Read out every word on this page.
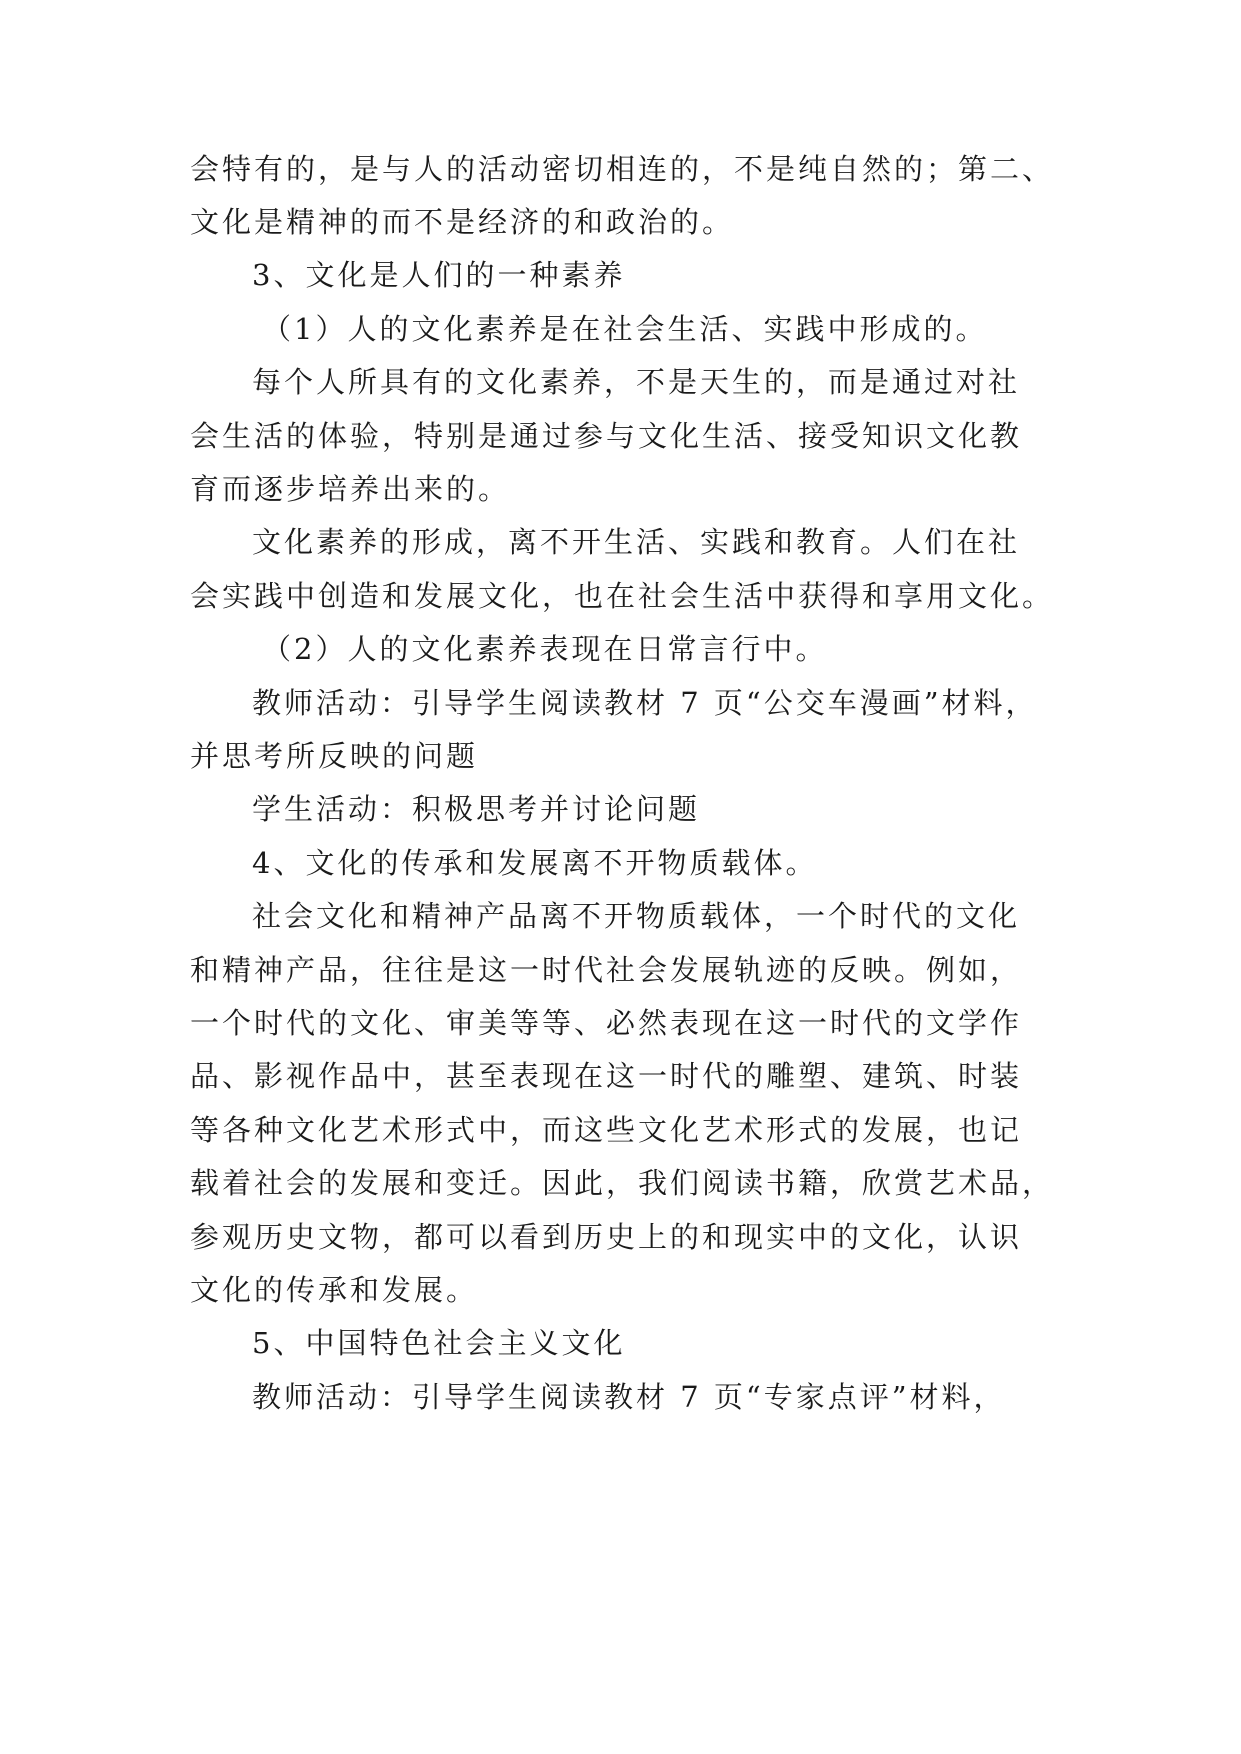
会特有的，是与人的活动密切相连的，不是纯自然的；第二、
文化是精神的而不是经济的和政治的。
3、文化是人们的一种素养
（1）人的文化素养是在社会生活、实践中形成的。
每个人所具有的文化素养，不是天生的，而是通过对社
会生活的体验，特别是通过参与文化生活、接受知识文化教
育而逐步培养出来的。
文化素养的形成，离不开生活、实践和教育。人们在社
会实践中创造和发展文化，也在社会生活中获得和享用文化。
（2）人的文化素养表现在日常言行中。
教师活动：引导学生阅读教材 7 页“公交车漫画”材料，
并思考所反映的问题
学生活动：积极思考并讨论问题
4、文化的传承和发展离不开物质载体。
社会文化和精神产品离不开物质载体，一个时代的文化
和精神产品，往往是这一时代社会发展轨迹的反映。例如，
一个时代的文化、审美等等、必然表现在这一时代的文学作
品、影视作品中，甚至表现在这一时代的雕塑、建筑、时装
等各种文化艺术形式中，而这些文化艺术形式的发展，也记
载着社会的发展和变迁。因此，我们阅读书籍，欣赏艺术品，
参观历史文物，都可以看到历史上的和现实中的文化，认识
文化的传承和发展。
5、中国特色社会主义文化
教师活动：引导学生阅读教材 7 页“专家点评”材料，
